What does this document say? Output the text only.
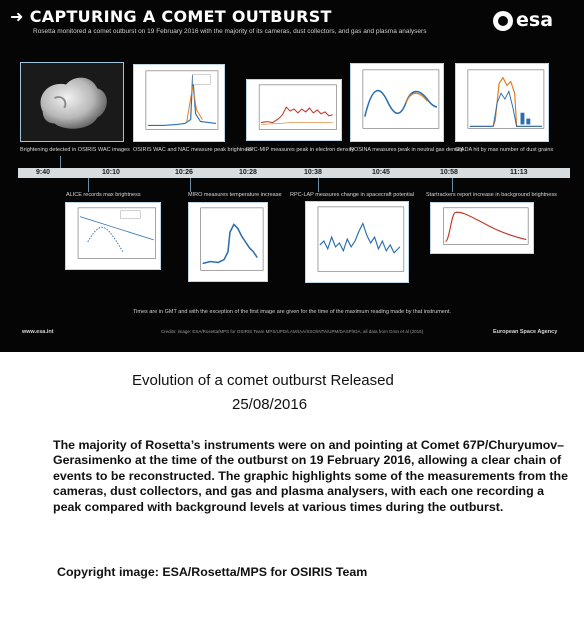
➜ CAPTURING A COMET OUTBURST
Rosetta monitored a comet outburst on 19 February 2016 with the majority of its cameras, dust collectors, and gas and plasma analysers
esa
Brightening detected in OSIRIS WAC images OSIRIS WAC and NAC measure peak brightness
RPC-MIP measures peak in electron density
ROSINA measures peak in neutral gas density
GIADA hit by max number of dust grains
9:40	10:10	10:26	10:28	10:38	10:45	10:58	11:13
ALICE records max brightness	MIRO measures temperature increase RPC-LAP measures change in spacecraft potential Startrackers report increase in background brightness
Times are in GMT and with the exception of the first image are given for the time of the maximum reading made by that instrument.
www.esa.int	Credits: image: ESA/Rosetta/MPS for OSIRIS Team MPS/UPD/LAM/IAA/SSO/INTA/UPM/DASP/IDA; all data from Grün et al (2016)	European Space Agency
Evolution of a comet outburst Released
25/08/2016
The majority of Rosetta’s instruments were on and pointing at Comet 67P/Churyumov–Gerasimenko at the time of the outburst on 19 February 2016, allowing a clear chain of events to be reconstructed. The graphic highlights some of the measurements from the cameras, dust collectors, and gas and plasma analysers, with each one recording a peak compared with background levels at various times during the outburst.
Copyright image: ESA/Rosetta/MPS for OSIRIS Team
